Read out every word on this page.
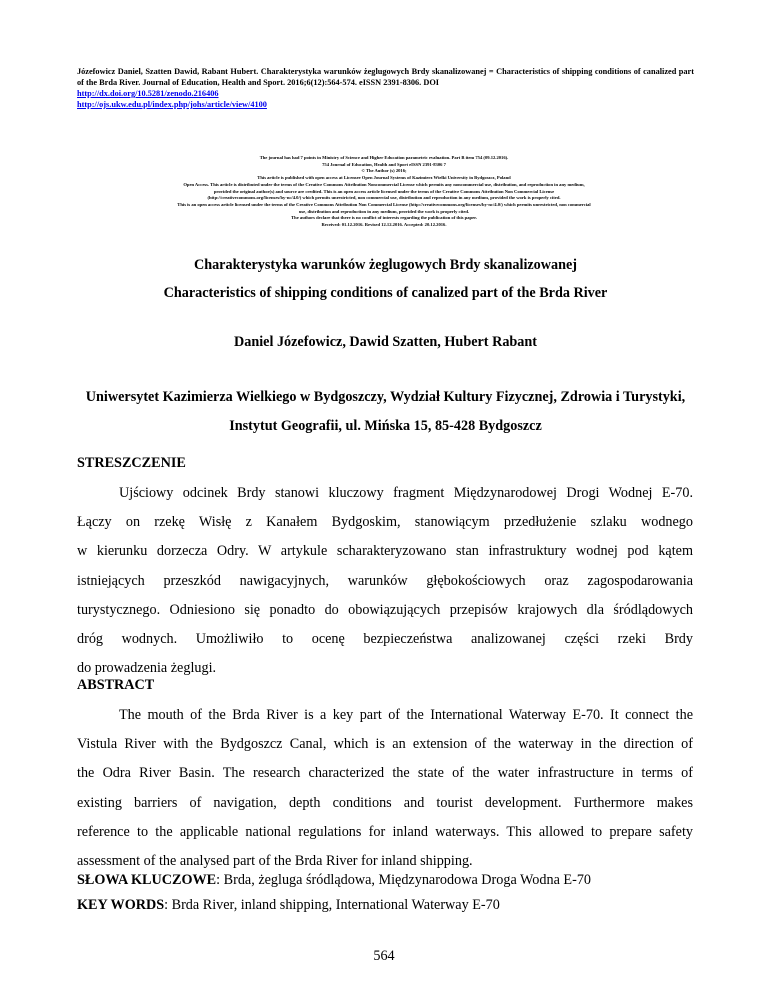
Józefowicz Daniel, Szatten Dawid, Rabant Hubert. Charakterystyka warunków żeglugowych Brdy skanalizowanej = Characteristics of shipping conditions of canalized part of the Brda River. Journal of Education, Health and Sport. 2016;6(12):564-574. eISSN 2391-8306. DOI
http://dx.doi.org/10.5281/zenodo.216406
http://ojs.ukw.edu.pl/index.php/johs/article/view/4100
The journal has had 7 points in Ministry of Science and Higher Education parametric evaluation. Part B item 754 (09.12.2016).
754 Journal of Education, Health and Sport eISSN 2391-8306 7
© The Author (s) 2016;
This article is published with open access at Licensee Open Journal Systems of Kazimierz Wielki University in Bydgoszcz, Poland
Open Access. This article is distributed under the terms of the Creative Commons Attribution Noncommercial License which permits any noncommercial use, distribution, and reproduction in any medium,
provided the original author(s) and source are credited. This is an open access article licensed under the terms of the Creative Commons Attribution Non Commercial License
(http://creativecommons.org/licenses/by-nc/4.0/) which permits unrestricted, non commercial use, distribution and reproduction in any medium, provided the work is properly cited.
This is an open access article licensed under the terms of the Creative Commons Attribution Non Commercial License (http://creativecommons.org/licenses/by-nc/4.0/) which permits unrestricted, non commercial
use, distribution and reproduction in any medium, provided the work is properly cited.
The authors declare that there is no conflict of interests regarding the publication of this paper.
Received: 01.12.2016. Revised 12.12.2016. Accepted: 20.12.2016.
Charakterystyka warunków żeglugowych Brdy skanalizowanej
Characteristics of shipping conditions of canalized part of the Brda River
Daniel Józefowicz, Dawid Szatten, Hubert Rabant
Uniwersytet Kazimierza Wielkiego w Bydgoszczy, Wydział Kultury Fizycznej, Zdrowia i Turystyki, Instytut Geografii, ul. Mińska 15, 85-428 Bydgoszcz
STRESZCZENIE
Ujściowy odcinek Brdy stanowi kluczowy fragment Międzynarodowej Drogi Wodnej E-70.
Łączy on rzekę Wisłę z Kanałem Bydgoskim, stanowiącym przedłużenie szlaku wodnego
w kierunku dorzecza Odry. W artykule scharakteryzowano stan infrastruktury wodnej pod kątem
istniejących przeszkód nawigacyjnych, warunków głębokościowych oraz zagospodarowania
turystycznego. Odniesiono się ponadto do obowiązujących przepisów krajowych dla śródlądowych
dróg wodnych. Umożliwiło to ocenę bezpieczeństwa analizowanej części rzeki Brdy
do prowadzenia żeglugi.
ABSTRACT
The mouth of the Brda River is a key part of the International Waterway E-70. It connect the
Vistula River with the Bydgoszcz Canal, which is an extension of the waterway in the direction of
the Odra River Basin. The research characterized the state of the water infrastructure in terms of
existing barriers of navigation, depth conditions and tourist development. Furthermore makes
reference to the applicable national regulations for inland waterways. This allowed to prepare safety
assessment of the analysed part of the Brda River for inland shipping.
SŁOWA KLUCZOWE: Brda, żegluga śródlądowa, Międzynarodowa Droga Wodna E-70
KEY WORDS: Brda River, inland shipping, International Waterway E-70
564
